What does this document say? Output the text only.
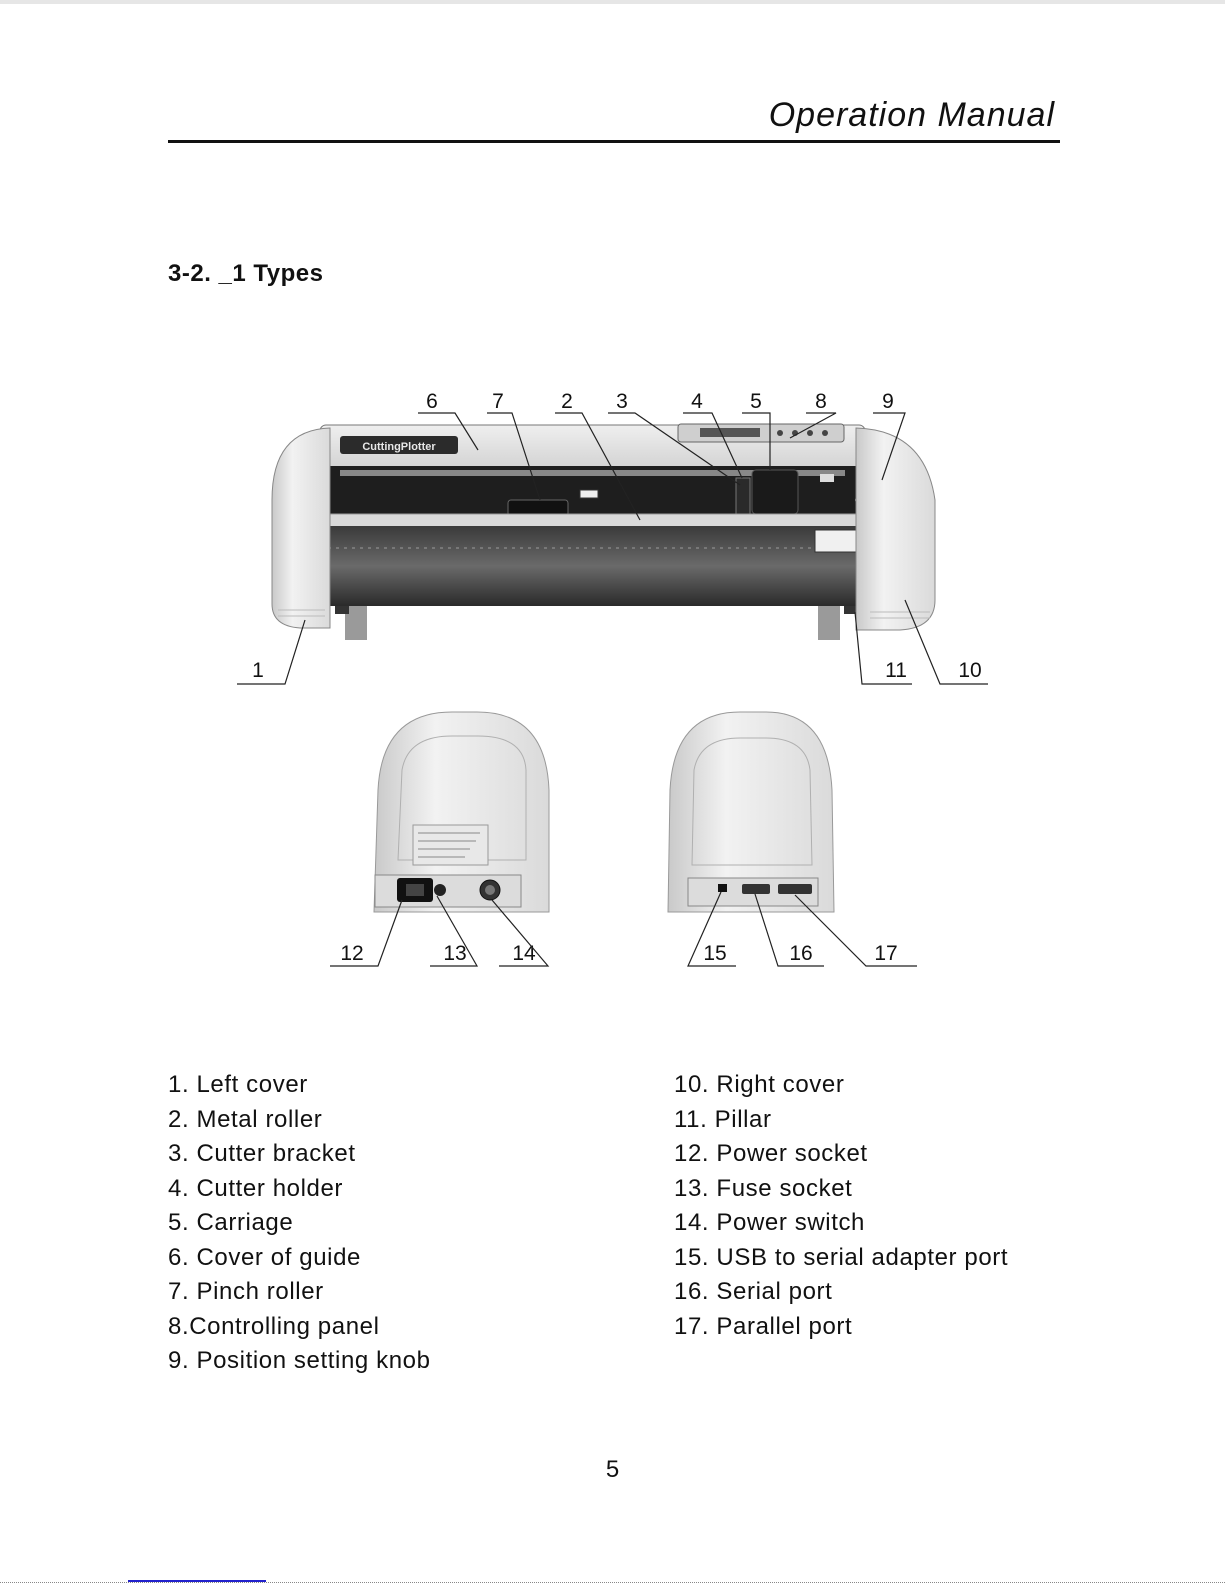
Operation Manual
3-2. _1 Types
CuttingPlotter
6	7	2 3	4 5	8	9
1	11 10
12	13 14	15	16	17
1. Left cover
2. Metal roller
3. Cutter bracket
4. Cutter holder
5. Carriage
6. Cover of guide
7. Pinch roller
8.Controlling panel
9. Position setting knob
10. Right cover
11. Pillar
12. Power socket
13. Fuse socket
14. Power switch
15. USB to serial adapter port
16. Serial port
17. Parallel port
5
